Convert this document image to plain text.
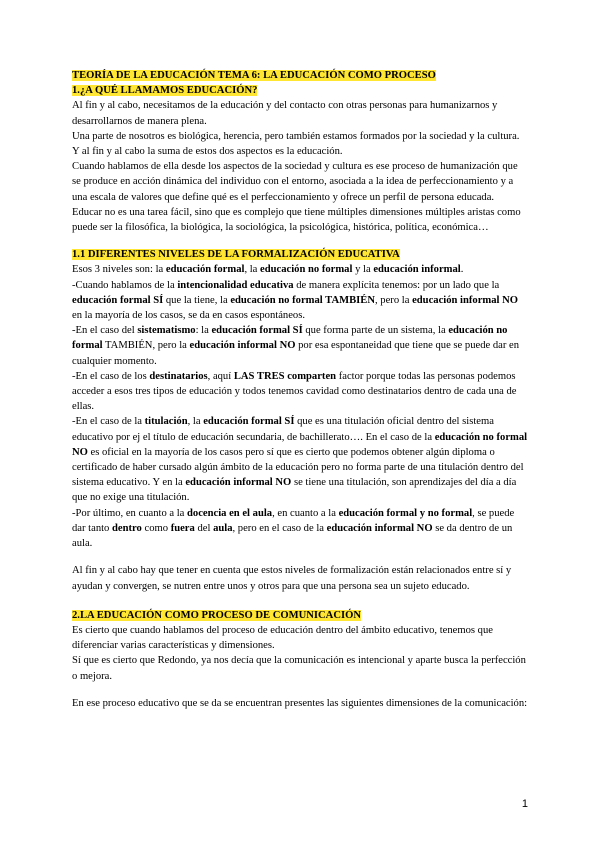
TEORÍA DE LA EDUCACIÓN TEMA 6: LA EDUCACIÓN COMO PROCESO

1.¿A QUÉ LLAMAMOS EDUCACIÓN?

Al fin y al cabo, necesitamos de la educación y del contacto con otras personas para humanizarnos y desarrollarnos de manera plena.

Una parte de nosotros es biológica, herencia, pero también estamos formados por la sociedad y la cultura. Y al fin y al cabo la suma de estos dos aspectos es la educación.

Cuando hablamos de ella desde los aspectos de la sociedad y cultura es ese proceso de humanización que se produce en acción dinámica del individuo con el entorno, asociada a la idea de perfeccionamiento y a una escala de valores que define qué es el perfeccionamiento y ofrece un perfil de persona educada.

Educar no es una tarea fácil, sino que es complejo que tiene múltiples dimensiones múltiples aristas como puede ser la filosófica, la biológica, la sociológica, la psicológica, histórica, política, económica…

1.1 DIFERENTES NIVELES DE LA FORMALIZACIÓN EDUCATIVA

Esos 3 niveles son: la educación formal, la educación no formal y la educación informal.

-Cuando hablamos de la intencionalidad educativa de manera explícita tenemos: por un lado que la educación formal SÍ que la tiene, la educación no formal TAMBIÉN, pero la educación informal NO en la mayoría de los casos, se da en casos espontáneos.

-En el caso del sistematismo: la educación formal SÍ que forma parte de un sistema, la educación no formal TAMBIÉN, pero la educación informal NO por esa espontaneidad que tiene que se puede dar en cualquier momento.

-En el caso de los destinatarios, aquí LAS TRES comparten factor porque todas las personas podemos acceder a esos tres tipos de educación y todos tenemos cavidad como destinatarios dentro de cada una de ellas.

-En el caso de la titulación, la educación formal SÍ que es una titulación oficial dentro del sistema educativo por ej el título de educación secundaria, de bachillerato…. En el caso de la educación no formal NO es oficial en la mayoría de los casos pero sí que es cierto que podemos obtener algún diploma o certificado de haber cursado algún ámbito de la educación pero no forma parte de una titulación dentro del sistema educativo. Y en la educación informal NO se tiene una titulación, son aprendizajes del día a día que no exige una titulación.

-Por último, en cuanto a la docencia en el aula, en cuanto a la educación formal y no formal, se puede dar tanto dentro como fuera del aula, pero en el caso de la educación informal NO se da dentro de un aula.

Al fin y al cabo hay que tener en cuenta que estos niveles de formalización están relacionados entre sí y ayudan y convergen, se nutren entre unos y otros para que una persona sea un sujeto educado.

2.LA EDUCACIÓN COMO PROCESO DE COMUNICACIÓN

Es cierto que cuando hablamos del proceso de educación dentro del ámbito educativo, tenemos que diferenciar varias características y dimensiones.

Sí que es cierto que Redondo, ya nos decía que la comunicación es intencional y aparte busca la perfección o mejora.

En ese proceso educativo que se da se encuentran presentes las siguientes dimensiones de la comunicación:

1
